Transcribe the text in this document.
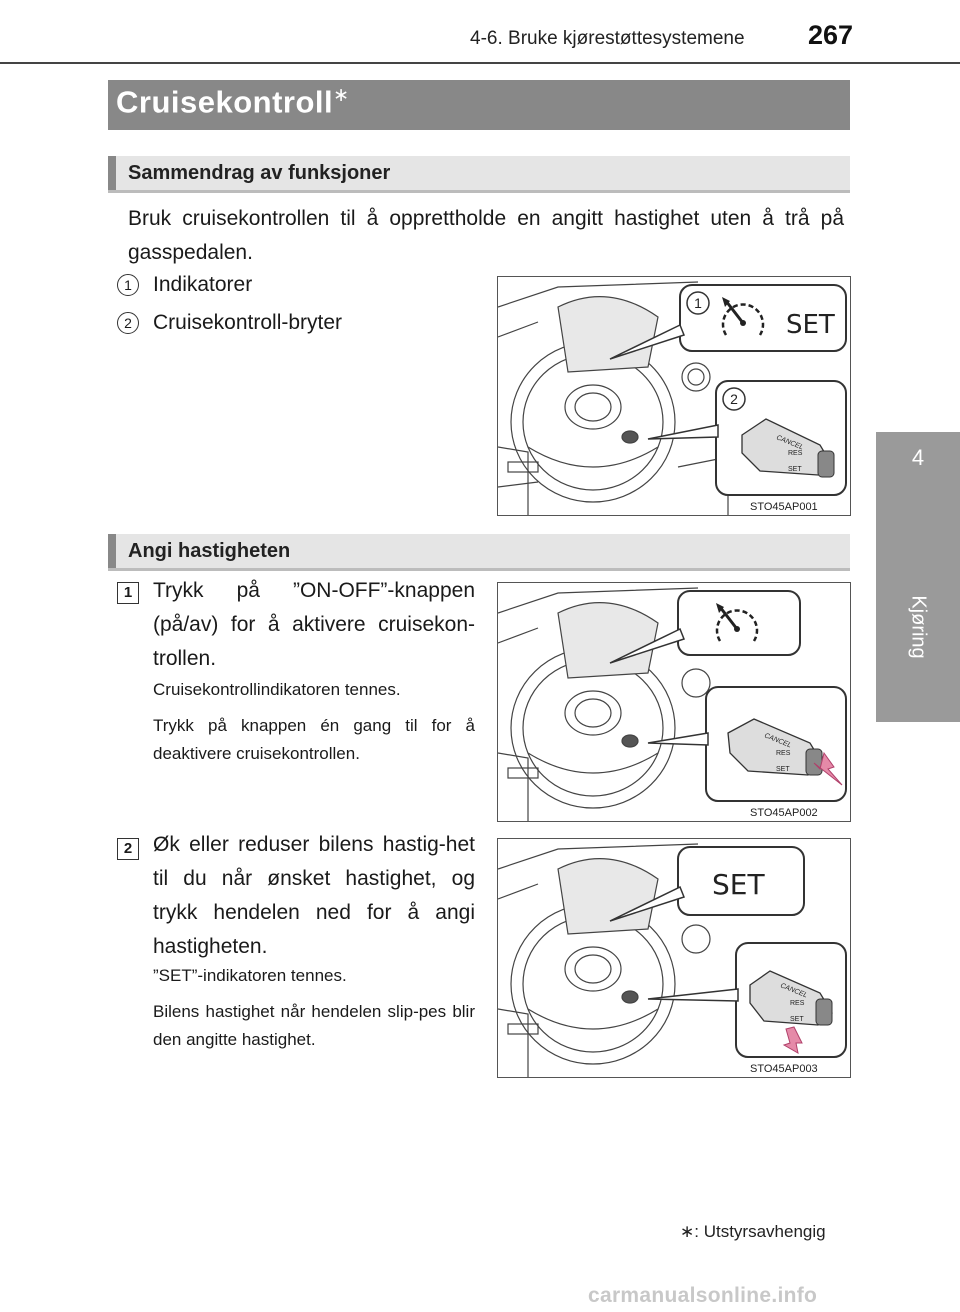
4-6. Bruke kjørestøttesystemene 267
4
Kjøring
Cruisekontroll∗
Sammendrag av funksjoner
Bruk cruisekontrollen til å opprettholde en angitt hastighet uten å trå på gasspedalen.
1	Indikatorer
2	Cruisekontroll-bryter
1
SET
2
CANCEL
RES
SET
STO45AP001
Angi hastigheten
1 Trykk på ”ON-OFF”-knappen (på/av) for å aktivere cruisekon-trollen.
Cruisekontrollindikatoren tennes.
Trykk på knappen én gang til for å deaktivere cruisekontrollen.
CANCEL
RES
SET
STO45AP002
2 Øk eller reduser bilens hastig-het til du når ønsket hastighet, og trykk hendelen ned for å angi hastigheten.
”SET”-indikatoren tennes.
Bilens hastighet når hendelen slip-pes blir den angitte hastighet.
SET
CANCEL
RES
SET
STO45AP003
∗: Utstyrsavhengig
carmanualsonline.info
